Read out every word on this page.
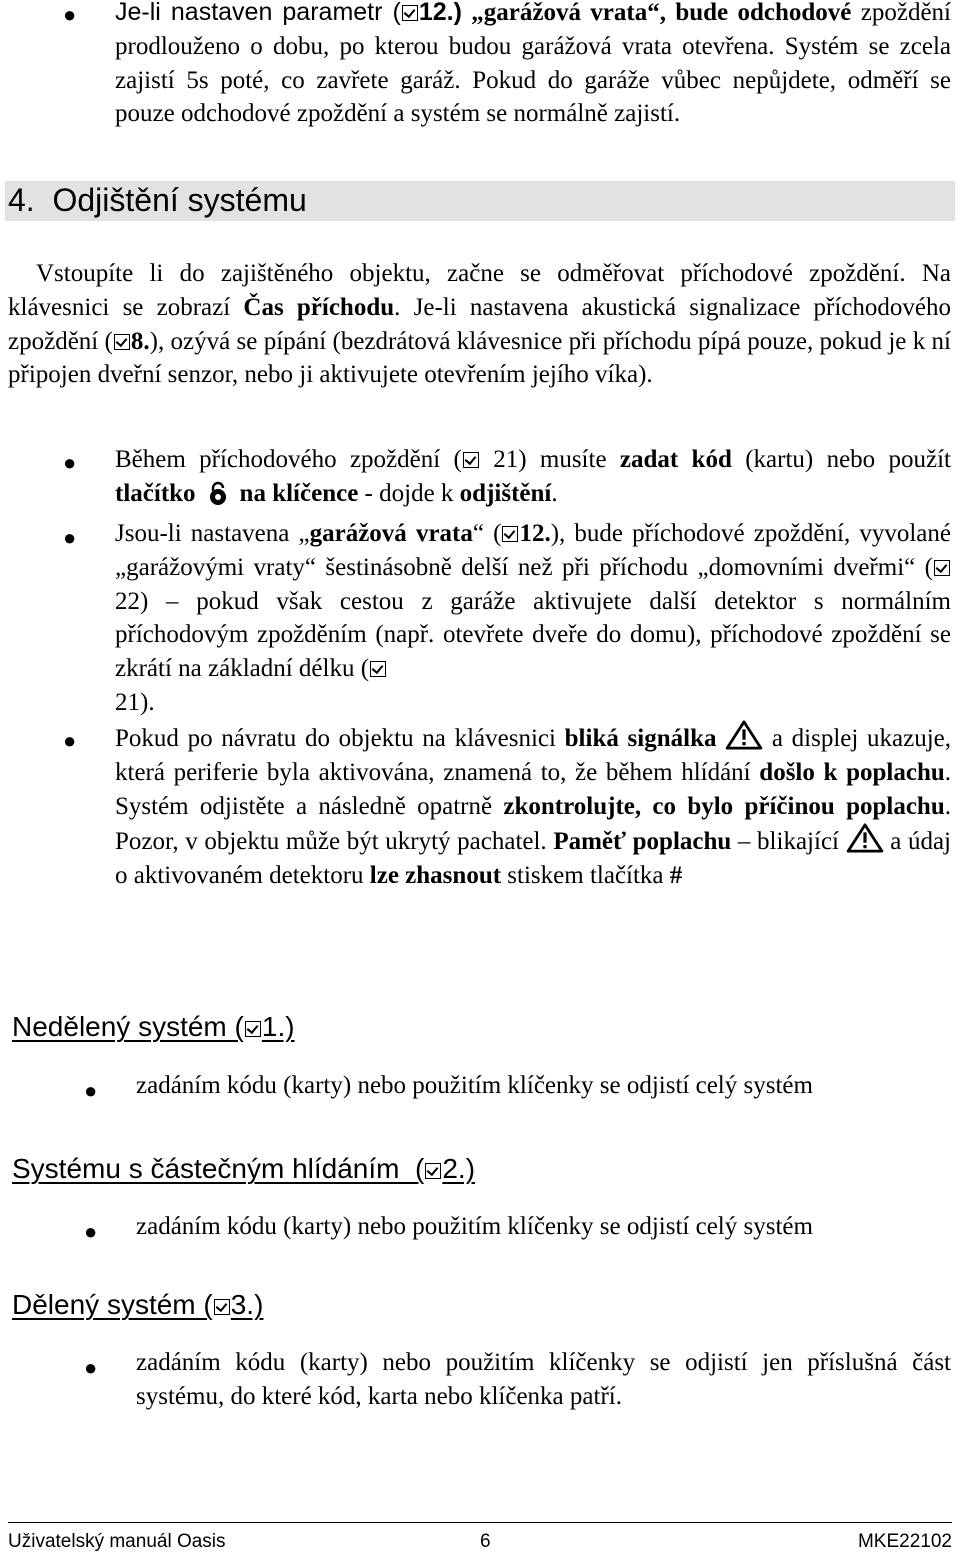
● Je-li nastaven parametr ( 12.) „garážová vrata“, bude odchodové zpoždění prodlouženo o dobu, po kterou budou garážová vrata otevřena. Systém se zcela zajistí 5s poté, co zavřete garáž. Pokud do garáže vůbec nepůjdete, odměří se pouze odchodové zpoždění a systém se normálně zajistí.
4.  Odjištění systému
Vstoupíte li do zajištěného objektu, začne se odměřovat příchodové zpoždění. Na klávesnici se zobrazí Čas příchodu. Je-li nastavena akustická signalizace příchodového zpoždění ( 8.), ozývá se pípání (bezdrátová klávesnice při příchodu pípá pouze, pokud je k ní připojen dveřní senzor, nebo ji aktivujete otevřením jejího víka).
● Během příchodového zpoždění ( 21) musíte zadat kód (kartu) nebo použít tlačítko na klíčence - dojde k odjištění.
● Jsou-li nastavena „garážová vrata“ ( 12.), bude příchodové zpoždění, vyvolané „garážovými vraty“ šestinásobně delší než při příchodu „domovními dveřmi“ ( 22) – pokud však cestou z garáže aktivujete další detektor s normálním příchodovým zpožděním (např. otevřete dveře do domu), příchodové zpoždění se zkrátí na základní délku (
21).
● Pokud po návratu do objektu na klávesnici bliká signálka  a displej ukazuje, která periferie byla aktivována, znamená to, že během hlídání došlo k poplachu. Systém odjistěte a následně opatrně zkontrolujte, co bylo příčinou poplachu. Pozor, v objektu může být ukrytý pachatel. Paměť poplachu – blikající  a údaj o aktivovaném detektoru lze zhasnout stiskem tlačítka #
Nedělený systém ( 1.)
● zadáním kódu (karty) nebo použitím klíčenky se odjistí celý systém
Systému s částečným hlídáním  ( 2.)
● zadáním kódu (karty) nebo použitím klíčenky se odjistí celý systém
Dělený systém ( 3.)
● zadáním kódu (karty) nebo použitím klíčenky se odjistí jen příslušná část systému, do které kód, karta nebo klíčenka patří.
Uživatelský manuál Oasis	6	MKE22102
